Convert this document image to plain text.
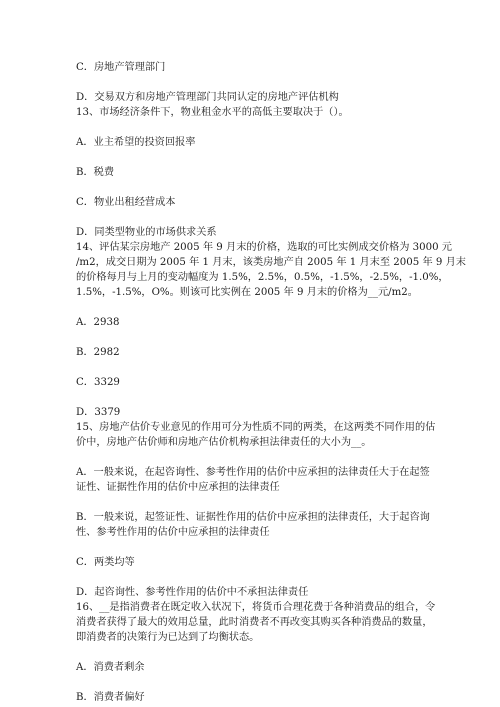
C．房地产管理部门
D．交易双方和房地产管理部门共同认定的房地产评估机构
13、市场经济条件下，物业租金水平的高低主要取决于（）。
A．业主希望的投资回报率
B．税费
C．物业出租经营成本
D．同类型物业的市场供求关系
14、评估某宗房地产 2005 年 9 月末的价格，选取的可比实例成交价格为 3000 元
/m2，成交日期为 2005 年 1 月末，该类房地产自 2005 年 1 月末至 2005 年 9 月末
的价格每月与上月的变动幅度为 1.5%，2.5%，0.5%，-1.5%，-2.5%，-1.0%，
1.5%，-1.5%，O%。则该可比实例在 2005 年 9 月末的价格为__元/m2。
A．2938
B．2982
C．3329
D．3379
15、房地产估价专业意见的作用可分为性质不同的两类，在这两类不同作用的估
价中，房地产估价师和房地产估价机构承担法律责任的大小为__。
A．一般来说，在起咨询性、参考性作用的估价中应承担的法律责任大于在起签
证性、证据性作用的估价中应承担的法律责任
B．一般来说，起签证性、证据性作用的估价中应承担的法律责任，大于起咨询
性、参考性作用的估价中应承担的法律责任
C．两类均等
D．起咨询性、参考性作用的估价中不承担法律责任
16、__是指消费者在既定收入状况下，将货币合理花费于各种消费品的组合，令
消费者获得了最大的效用总量，此时消费者不再改变其购买各种消费品的数量，
即消费者的决策行为已达到了均衡状态。
A．消费者剩余
B．消费者偏好
